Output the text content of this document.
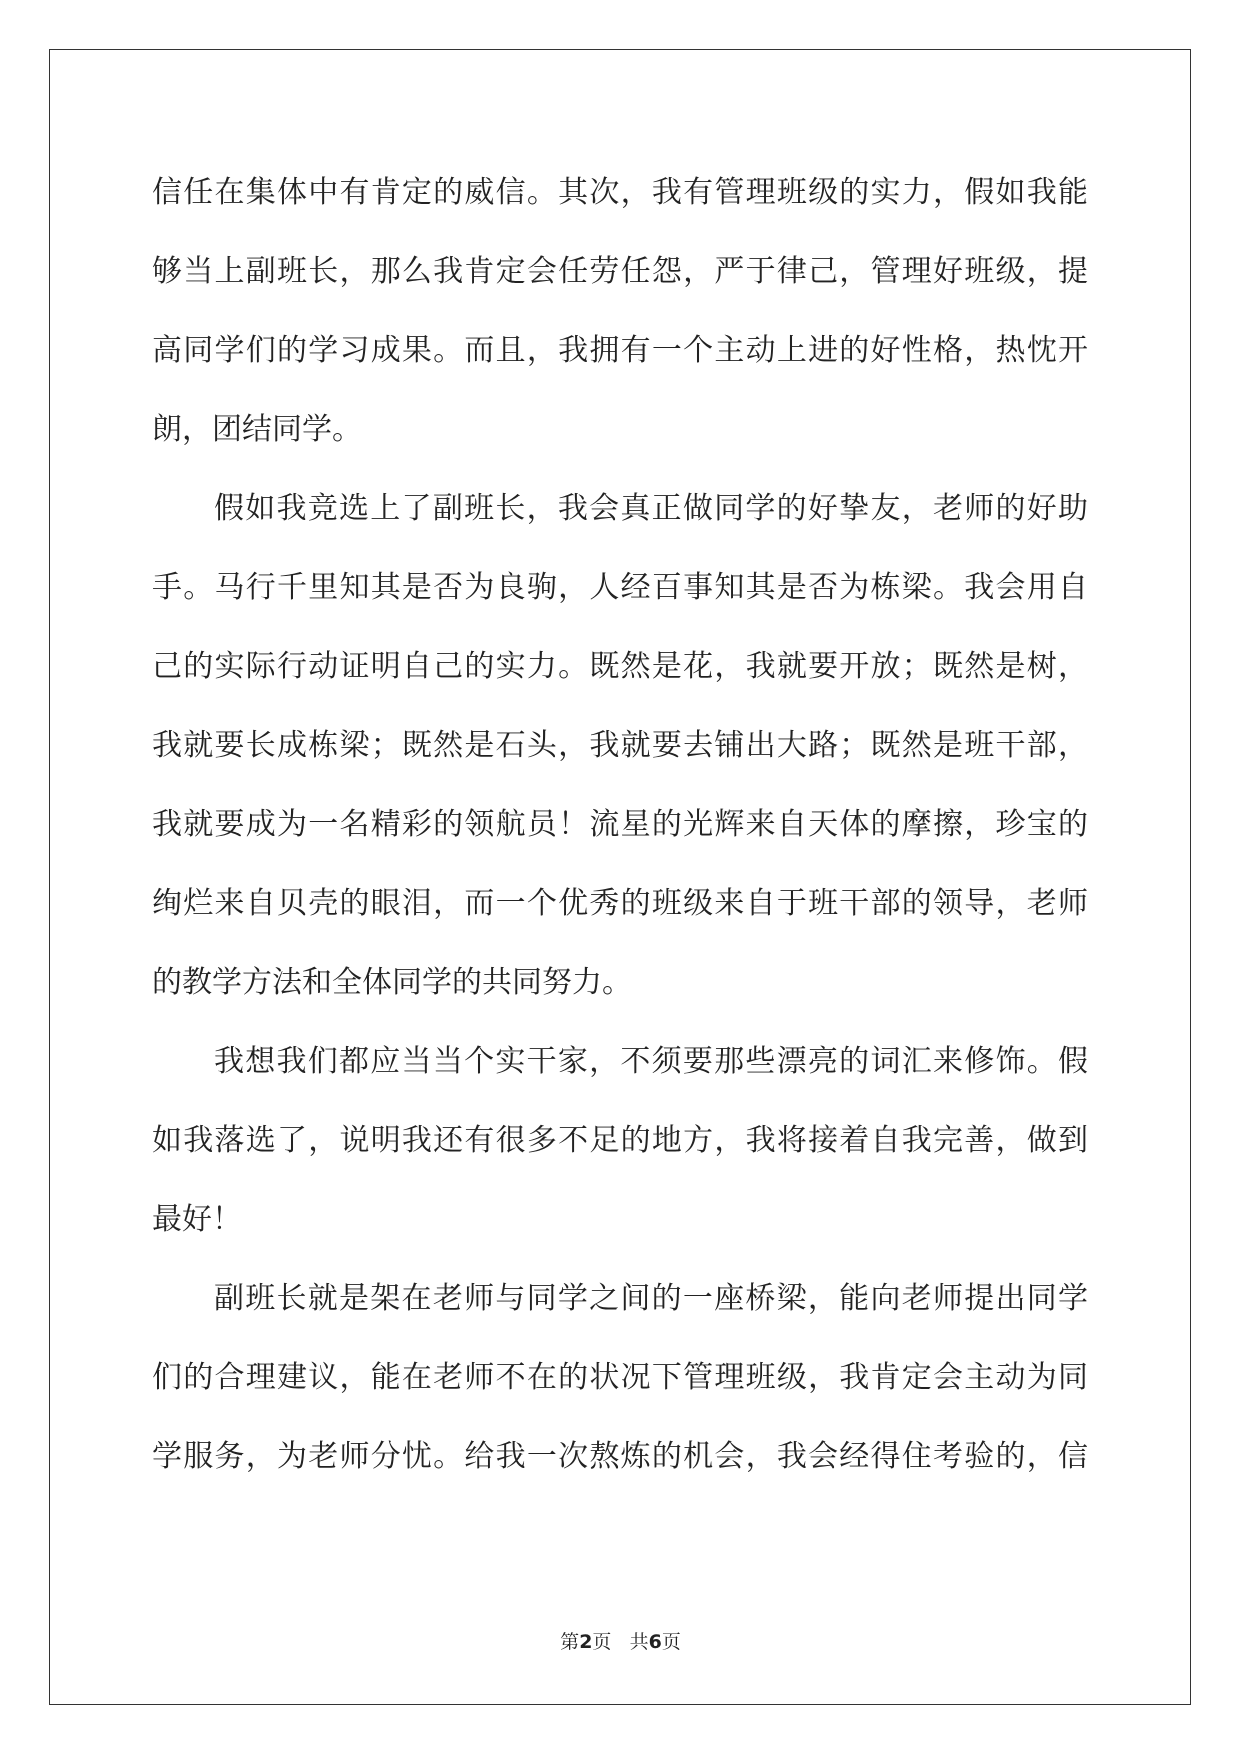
信任在集体中有肯定的威信。其次，我有管理班级的实力，假如我能
够当上副班长，那么我肯定会任劳任怨，严于律己，管理好班级，提
高同学们的学习成果。而且，我拥有一个主动上进的好性格，热忱开
朗，团结同学。
假如我竞选上了副班长，我会真正做同学的好挚友，老师的好助
手。马行千里知其是否为良驹，人经百事知其是否为栋梁。我会用自
己的实际行动证明自己的实力。既然是花，我就要开放；既然是树，
我就要长成栋梁；既然是石头，我就要去铺出大路；既然是班干部，
我就要成为一名精彩的领航员！流星的光辉来自天体的摩擦，珍宝的
绚烂来自贝壳的眼泪，而一个优秀的班级来自于班干部的领导，老师
的教学方法和全体同学的共同努力。
我想我们都应当当个实干家，不须要那些漂亮的词汇来修饰。假
如我落选了，说明我还有很多不足的地方，我将接着自我完善，做到
最好！
副班长就是架在老师与同学之间的一座桥梁，能向老师提出同学
们的合理建议，能在老师不在的状况下管理班级，我肯定会主动为同
学服务，为老师分忧。给我一次熬炼的机会，我会经得住考验的，信
第2页 共6页
